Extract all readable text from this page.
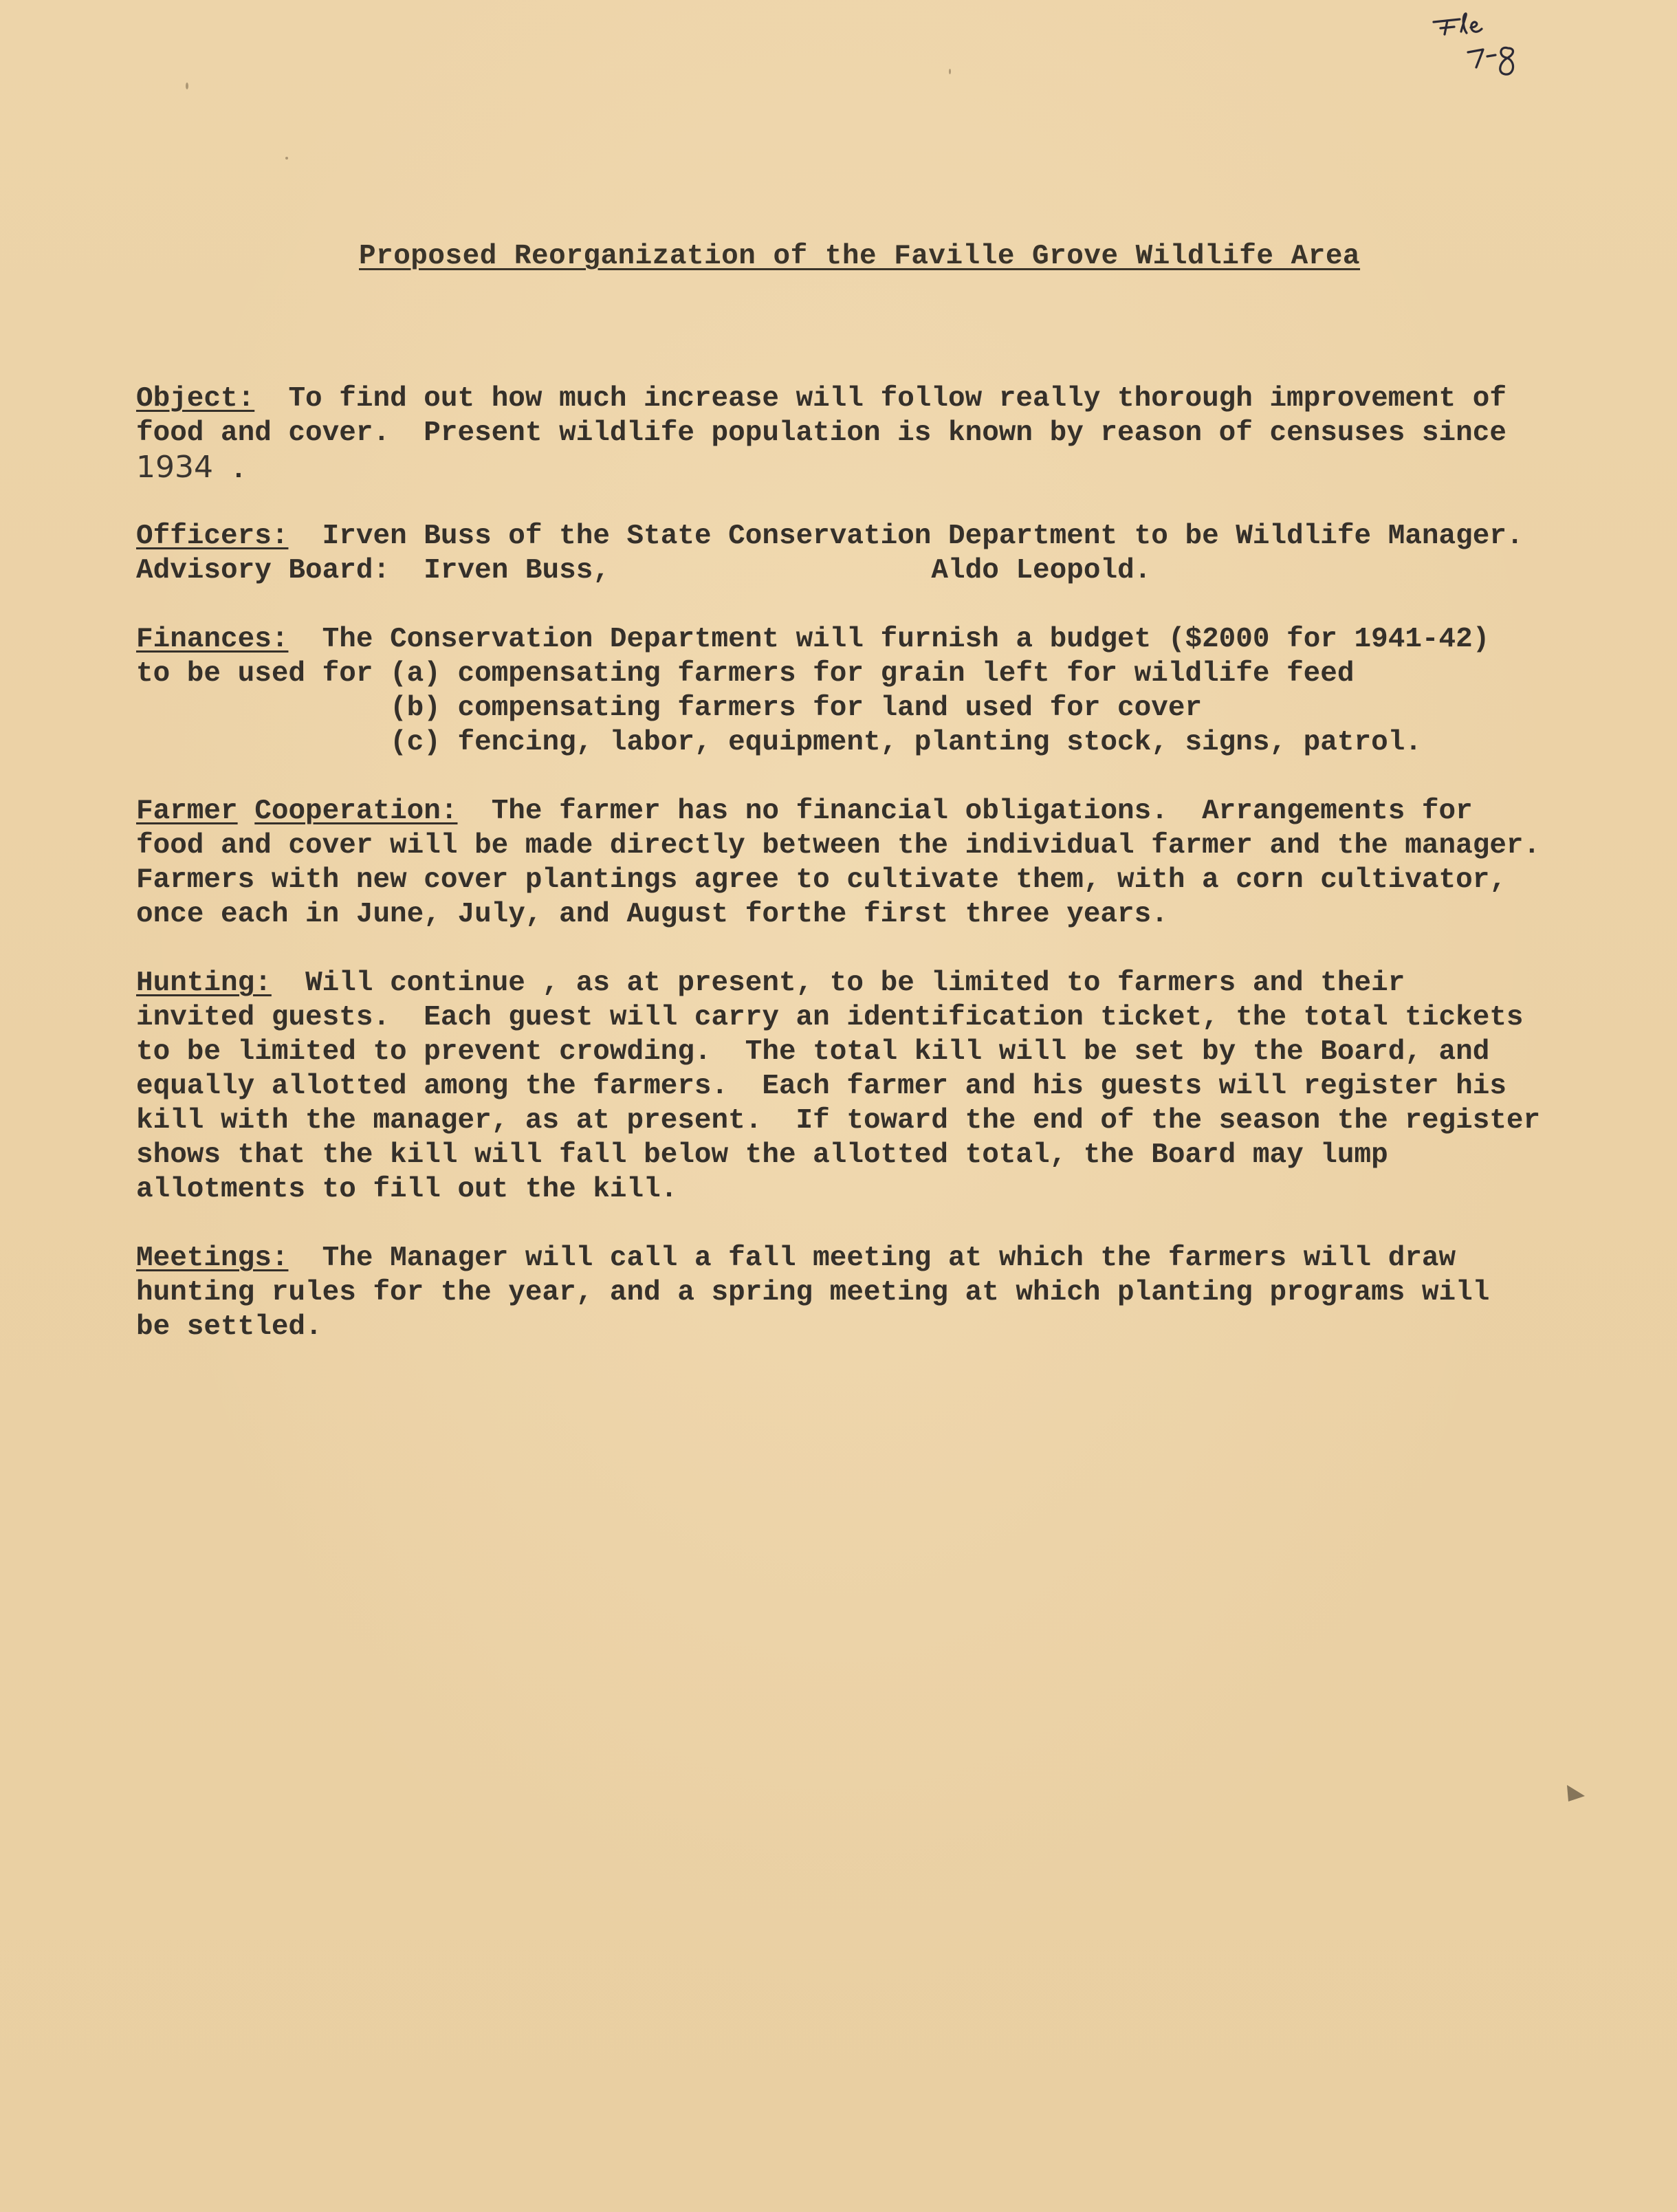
Proposed Reorganization of the Faville Grove Wildlife Area

Object: To find out how much increase will follow really thorough improvement of
food and cover.  Present wildlife population is known by reason of censuses since
1934 .

Officers: Irven Buss of the State Conservation Department to be Wildlife Manager.
Advisory Board: Irven Buss,	Aldo Leopold.

Finances: The Conservation Department will furnish a budget ($2000 for 1941-42)
to be used for (a) compensating farmers for grain left for wildlife feed
(b) compensating farmers for land used for cover
(c) fencing, labor, equipment, planting stock, signs, patrol.

Farmer Cooperation: The farmer has no financial obligations.  Arrangements for
food and cover will be made directly between the individual farmer and the manager.
Farmers with new cover plantings agree to cultivate them, with a corn cultivator,
once each in June, July, and August forthe first three years.

Hunting: Will continue , as at present, to be limited to farmers and their
invited guests.  Each guest will carry an identification ticket, the total tickets
to be limited to prevent crowding.  The total kill will be set by the Board, and
equally allotted among the farmers.  Each farmer and his guests will register his
kill with the manager, as at present.  If toward the end of the season the register
shows that the kill will fall below the allotted total, the Board may lump
allotments to fill out the kill.

Meetings: The Manager will call a fall meeting at which the farmers will draw
hunting rules for the year, and a spring meeting at which planting programs will
be settled.
